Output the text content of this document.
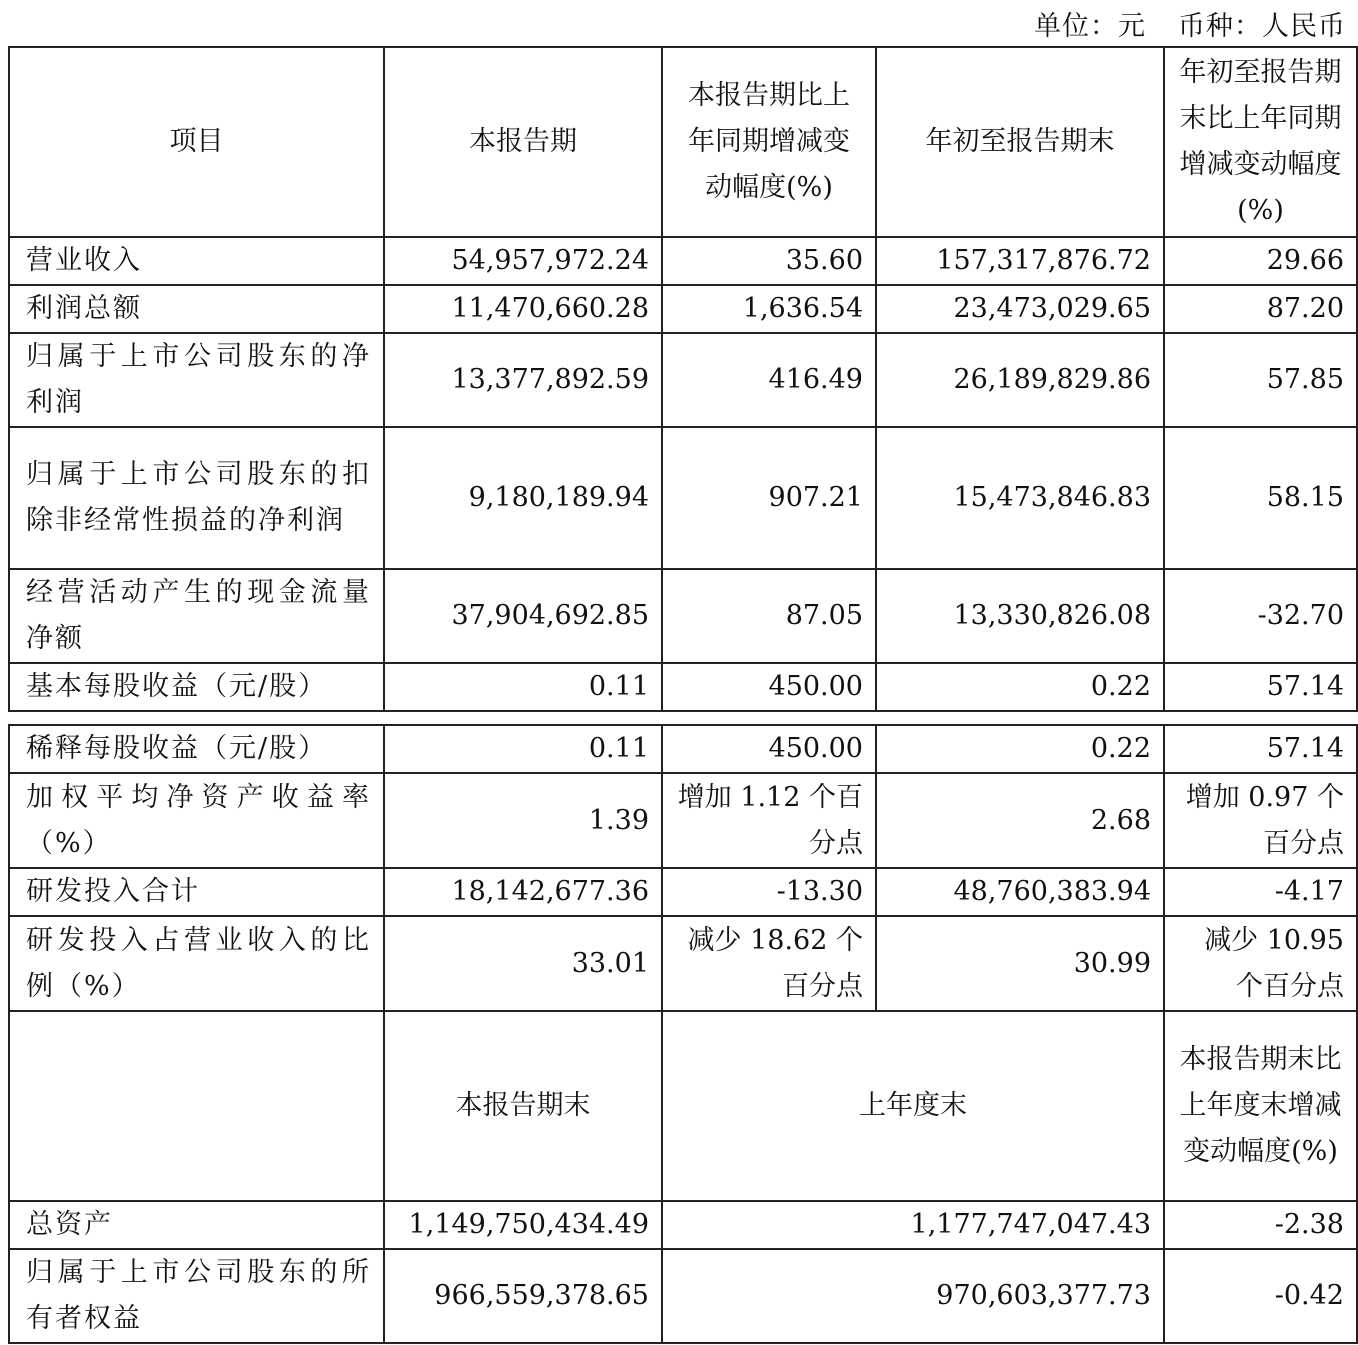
单位：元 币种：人民币
项目	本报告期	本报告期比上年同期增减变动幅度(%)	年初至报告期末	年初至报告期末比上年同期增减变动幅度(%)
营业收入	54,957,972.24	35.60	157,317,876.72	29.66
利润总额	11,470,660.28	1,636.54	23,473,029.65	87.20
归属于上市公司股东的净利润	13,377,892.59	416.49	26,189,829.86	57.85
归属于上市公司股东的扣除非经常性损益的净利润	9,180,189.94	907.21	15,473,846.83	58.15
经营活动产生的现金流量净额	37,904,692.85	87.05	13,330,826.08	-32.70
基本每股收益（元/股）	0.11	450.00	0.22	57.14
稀释每股收益（元/股）	0.11	450.00	0.22	57.14
加权平均净资产收益率（%）	1.39	增加 1.12 个百分点	2.68	增加 0.97 个百分点
研发投入合计	18,142,677.36	-13.30	48,760,383.94	-4.17
研发投入占营业收入的比例（%）	33.01	减少 18.62 个百分点	30.99	减少 10.95 个百分点
	本报告期末	上年度末		本报告期末比上年度末增减变动幅度(%)
总资产	1,149,750,434.49	1,177,747,047.43		-2.38
归属于上市公司股东的所有者权益	966,559,378.65	970,603,377.73		-0.42
